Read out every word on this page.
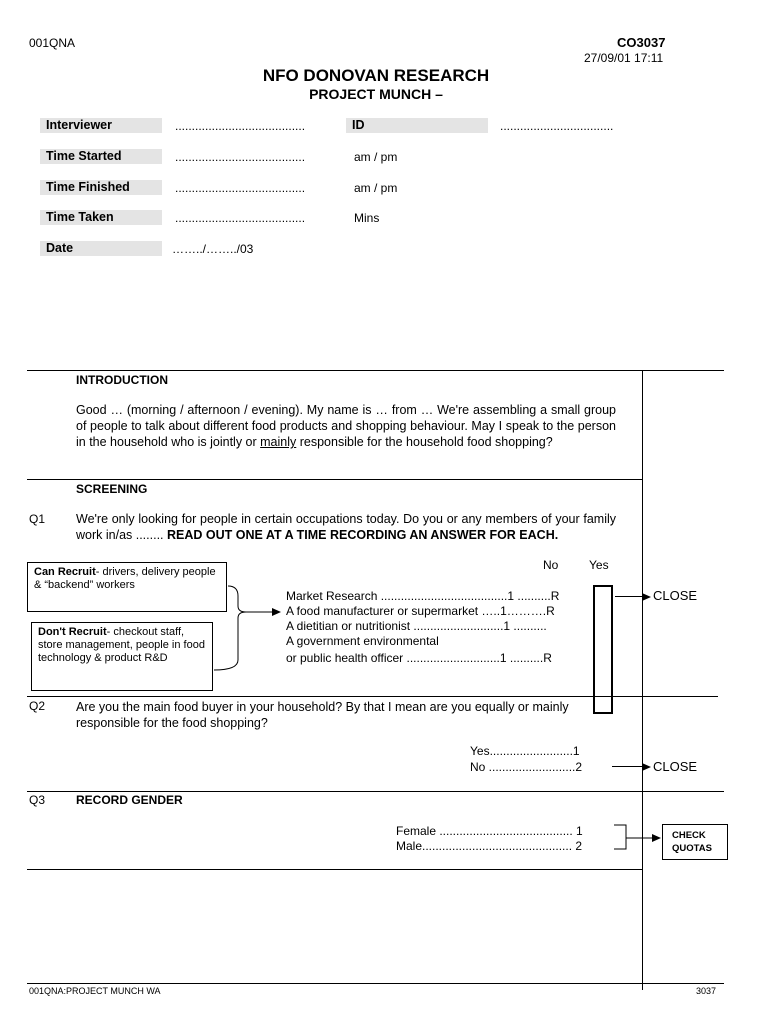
001QNA	CO3037
27/09/01 17:11
NFO DONOVAN RESEARCH
PROJECT MUNCH –
Interviewer	.......................................	ID	..................................
Time Started	.......................................	am / pm
Time Finished	.......................................	am / pm
Time Taken	.......................................	Mins
Date	……../……../03
INTRODUCTION
Good … (morning / afternoon / evening). My name is … from … We're assembling a small group of people to talk about different food products and shopping behaviour. May I speak to the person in the household who is jointly or mainly responsible for the household food shopping?
SCREENING
Q1 We're only looking for people in certain occupations today. Do you or any members of your family work in/as ........ READ OUT ONE AT A TIME RECORDING AN ANSWER FOR EACH.
No	Yes
Can Recruit- drivers, delivery people & “backend” workers
Don't Recruit- checkout staff, store management, people in food technology & product R&D
Market Research ......................................1 ..........R
A food manufacturer or supermarket …..1……….R
A dietitian or nutritionist ...........................1 ..........
A government environmental
or public health officer ............................1 ..........R
CLOSE
Q2 Are you the main food buyer in your household? By that I mean are you equally or mainly responsible for the food shopping?
Yes.........................1
No ..........................2	CLOSE
Q3	RECORD GENDER
Female ........................................ 1
Male............................................. 2
CHECK
QUOTAS
001QNA:PROJECT MUNCH WA	3037
